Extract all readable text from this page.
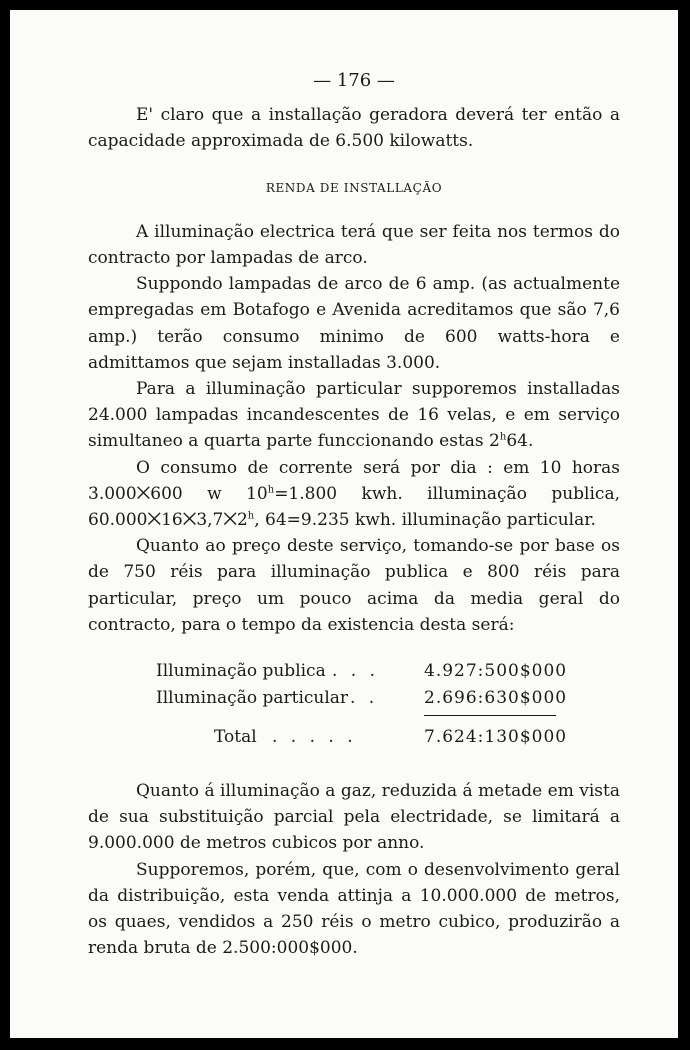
— 176 —

E' claro que a installação geradora deverá ter então a capacidade approximada de 6.500 kilowatts.

RENDA DE INSTALLAÇÃO

A illuminação electrica terá que ser feita nos termos do contracto por lampadas de arco.

Suppondo lampadas de arco de 6 amp. (as actualmente empregadas em Botafogo e Avenida acreditamos que são 7,6 amp.) terão consumo minimo de 600 watts-hora e admittamos que sejam installadas 3.000.

Para a illuminação particular supporemos installadas 24.000 lampadas incandescentes de 16 velas, e em serviço simultaneo a quarta parte funccionando estas 2$^h$64.

O consumo de corrente será por dia : em 10 horas 3.000⨉600 w $10^h=1.800$ kwh. illuminação publica, 60.000⨉16⨉3,7⨉2$^h$, 64=9.235 kwh. illuminação particular.

Quanto ao preço deste serviço, tomando-se por base os de 750 réis para illuminação publica e 800 réis para particular, preço um pouco acima da media geral do contracto, para o tempo da existencia desta será:

Illuminação publica . . .	4.927:500$000
Illuminação particular . .	2.696:630$000
Total . . . . .	7.624:130$000

Quanto á illuminação a gaz, reduzida á metade em vista de sua substituição parcial pela electridade, se limitará a 9.000.000 de metros cubicos por anno.

Supporemos, porém, que, com o desenvolvimento geral da distribuição, esta venda attinja a 10.000.000 de metros, os quaes, vendidos a 250 réis o metro cubico, produzirão a renda bruta de 2.500:000$000.
